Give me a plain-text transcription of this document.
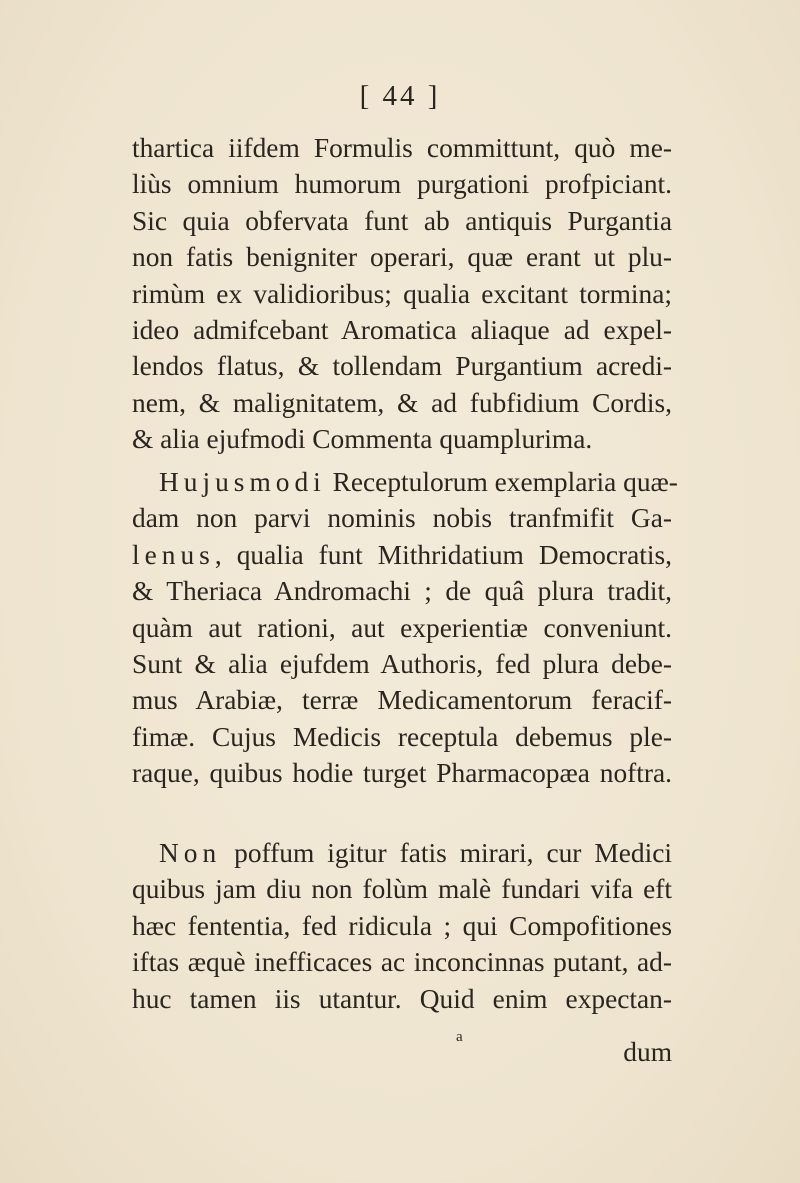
[ 44 ]
thartica iifdem Formulis committunt, quò me-
liùs omnium humorum purgationi profpiciant.
Sic quia obfervata funt ab antiquis Purgantia
non fatis benigniter operari, quæ erant ut plu-
rimùm ex validioribus; qualia excitant tormina;
ideo admifcebant Aromatica aliaque ad expel-
lendos flatus, & tollendam Purgantium acredi-
nem, & malignitatem, & ad fubfidium Cordis,
& alia ejufmodi Commenta quamplurima.
Hujusmodi Receptulorum exemplaria quæ-
dam non parvi nominis nobis tranfmifit Ga-
lenus, qualia funt Mithridatium Democratis,
& Theriaca Andromachi ; de quâ plura tradit,
quàm aut rationi, aut experientiæ conveniunt.
Sunt & alia ejufdem Authoris, fed plura debe-
mus Arabiæ, terræ Medicamentorum feracif-
fimæ. Cujus Medicis receptula debemus ple-
raque, quibus hodie turget Pharmacopæa noftra.
Non poffum igitur fatis mirari, cur Medici
quibus jam diu non folùm malè fundari vifa eft
hæc fententia, fed ridicula ; qui Compofitiones
iftas æquè inefficaces ac inconcinnas putant, ad-
huc tamen iis utantur. Quid enim expectan-
a	dum
